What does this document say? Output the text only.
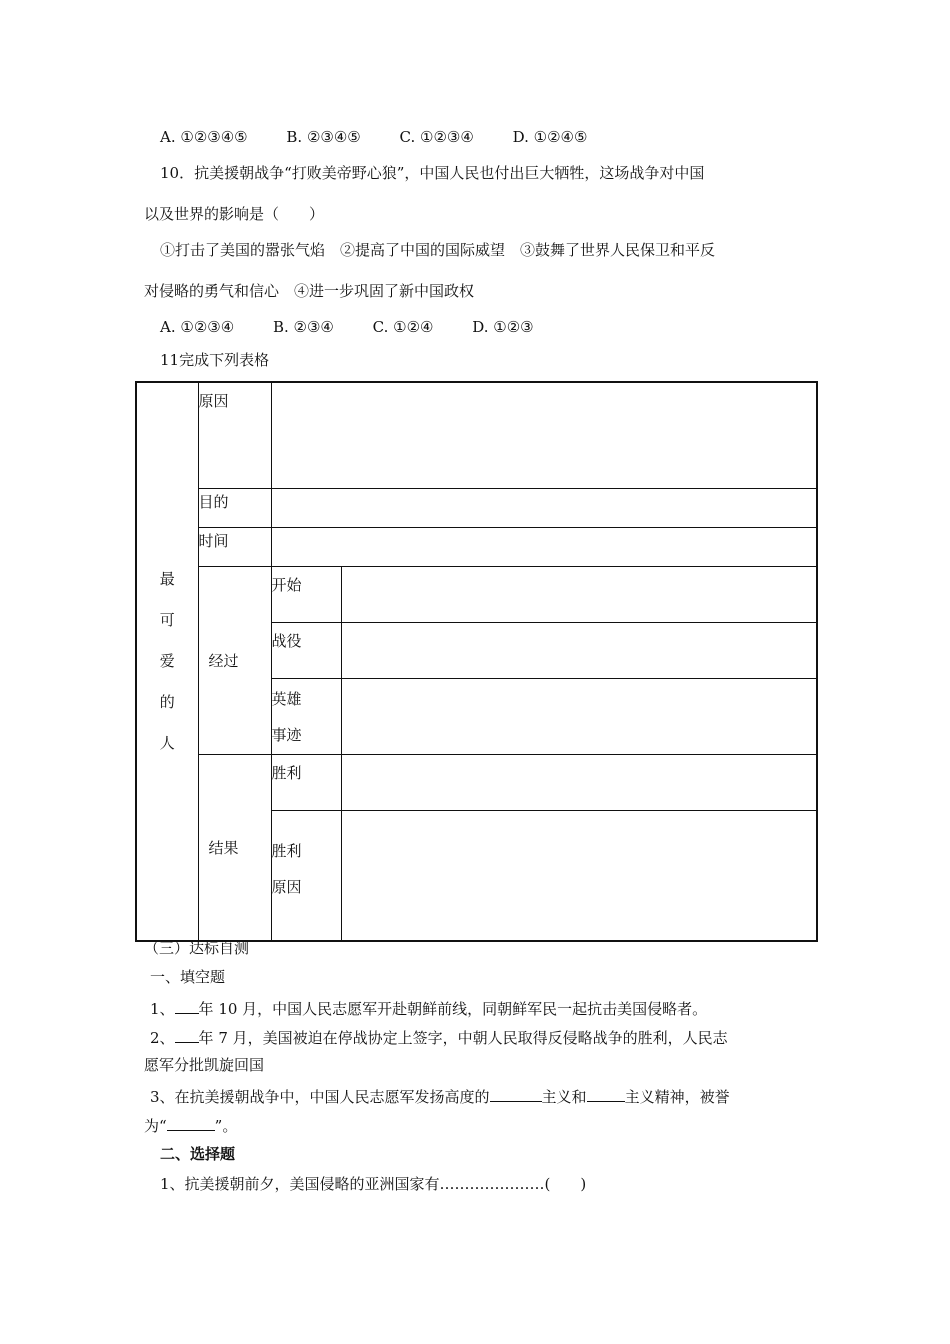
A. ①②③④⑤	B. ②③④⑤	C. ①②③④	D. ①②④⑤
10．抗美援朝战争“打败美帝野心狼”，中国人民也付出巨大牺牲，这场战争对中国
以及世界的影响是（　　）
①打击了美国的嚣张气焰　②提高了中国的国际威望　③鼓舞了世界人民保卫和平反
对侵略的勇气和信心　④进一步巩固了新中国政权
A. ①②③④	B. ②③④	C. ①②④	D. ①②③
11完成下列表格
最
可
爱
的
人	原因		
	目的		
	时间		
	经过	开始	
		战役	

		英雄
事迹	

	结果	胜利	

		胜利
原因	

（三）达标自测
一、填空题
1、 年 10 月，中国人民志愿军开赴朝鲜前线，同朝鲜军民一起抗击美国侵略者。
2、 年 7 月，美国被迫在停战协定上签字，中朝人民取得反侵略战争的胜利，人民志
愿军分批凯旋回国
3、在抗美援朝战争中，中国人民志愿军发扬高度的	主义和	主义精神，被誉
为“	”。
二、选择题
1、抗美援朝前夕，美国侵略的亚洲国家有…………………(　　)
